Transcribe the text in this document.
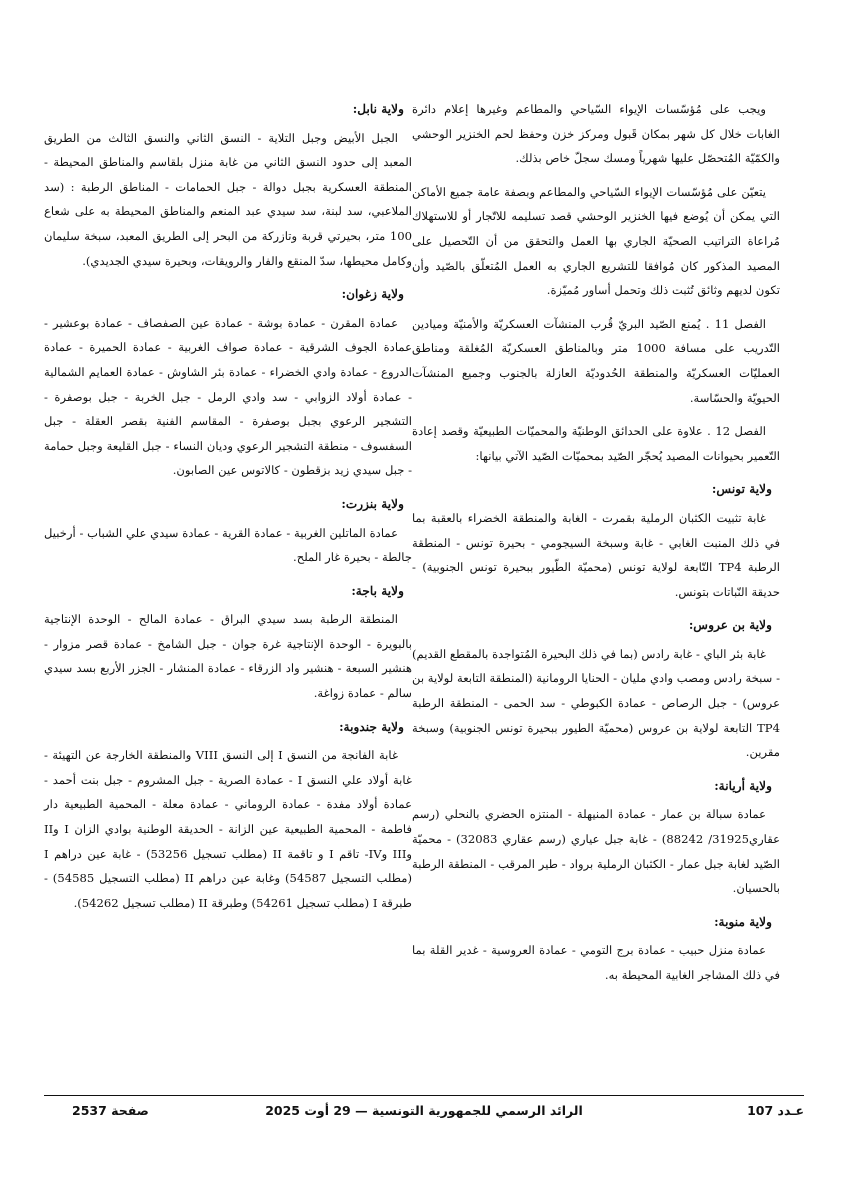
ويجب على مُؤسّسات الإيواء السّياحي والمطاعم وغيرها إعلام دائرة الغابات خلال كل شهر بمكان قَبول ومركز خزن وحفظ لحم الخنزير الوحشي والكمّيّة المُتحصّل عليها شهرياً ومسك سجلّ خاص بذلك.

يتعيّن على مُؤسّسات الإيواء السّياحي والمطاعم وبصفة عامة جميع الأماكن التي يمكن أن يُوضع فيها الخنزير الوحشي قصد تسليمه للاتّجار أو للاستهلاك مُراعاة التراتيب الصحيّة الجاري بها العمل والتحقق من أن التّحصيل على المصيد المذكور كان مُوافقا للتشريع الجاري به العمل المُتعلّق بالصّيد وأن تكون لديهم وثائق تُثبت ذلك وتحمل أساور مُميّزة.

الفصل 11 . يُمنع الصّيد البريّ قُرب المنشآت العسكريّة والأمنيّة وميادين التّدريب على مسافة 1000 متر وبالمناطق العسكريّة المُغلقة ومناطق العمليّات العسكريّة والمنطقة الحُدوديّة العازلة بالجنوب وجميع المنشآت الحيويّة والحسّاسة.

الفصل 12 . علاوة على الحدائق الوطنيّة والمحميّات الطبيعيّة وقصد إعادة التّعمير بحيوانات المصيد يُحجّر الصّيد بمحميّات الصّيد الآتي بيانها:

ولاية تونس:

غابة تثبيت الكثبان الرملية بقمرت - الغابة والمنطقة الخضراء بالعقبة بما في ذلك المنبت الغابي - غابة وسبخة السيجومي - بحيرة تونس - المنطقة الرطبة TP4 التّابعة لولاية تونس (محميّة الطّيور ببحيرة تونس الجنوبية) - حديقة النّباتات بتونس.

ولاية بن عروس:

غابة بئر الباي - غابة رادس (بما في ذلك البحيرة المُتواجدة بالمقطع القديم) - سبخة رادس ومصب وادي مليان - الحنايا الرومانية (المنطقة التابعة لولاية بن عروس) - جبل الرصاص - عمادة الكبوطي - سد الحمى - المنطقة الرطبة TP4 التابعة لولاية بن عروس (محميّة الطيور ببحيرة تونس الجنوبية) وسبخة مقرين.

ولاية أريانة:

عمادة سبالة بن عمار - عمادة المنيهلة - المنتزه الحضري بالنحلي (رسم عقاري31925/ 88242) - غابة جبل عياري (رسم عقاري 32083) - محميّة الصّيد لغابة جبل عمار - الكثبان الرملية برواد - طير المرقب - المنطقة الرطبة بالحسيان.

ولاية منوبة:

عمادة منزل حبيب - عمادة برج التومي - عمادة العروسية - غدير القلة بما في ذلك المشاجر الغابية المحيطة به.

ولاية نابل:

الجبل الأبيض وجبل التلاية - النسق الثاني والنسق الثالث من الطريق المعبد إلى حدود النسق الثاني من غابة منزل بلقاسم والمناطق المحيطة - المنطقة العسكرية بجبل دوالة - جبل الحمامات - المناطق الرطبة : (سد الملاعبي، سد لبنة، سد سيدي عبد المنعم والمناطق المحيطة به على شعاع 100 متر، بحيرتي قربة وتازركة من البحر إلى الطريق المعبد، سبخة سليمان وكامل محيطها، سدّ المنقع والفار والرويقات، وبحيرة سيدي الجديدي).

ولاية زغوان:

عمادة المقرن - عمادة بوشة - عمادة عين الصفصاف - عمادة بوعشير - عمادة الجوف الشرقية - عمادة صواف الغربية - عمادة الحميرة - عمادة الدروع - عمادة وادي الخضراء - عمادة بئر الشاوش - عمادة العمايم الشمالية - عمادة أولاد الزوابي - سد وادي الرمل - جبل الخربة - جبل بوصفرة - التشجير الرعوي بجبل بوصفرة - المقاسم الفنية بقصر العقلة - جبل السفسوف - منطقة التشجير الرعوي وديان النساء - جبل القليعة وجبل حمامة - جبل سيدي زيد بزقطون - كالاتوس عين الصابون.

ولاية بنزرت:

عمادة الماتلين الغربية - عمادة القرية - عمادة سيدي علي الشباب - أرخبيل جالطة - بحيرة غار الملح.

ولاية باجة:

المنطقة الرطبة بسد سيدي البراق - عمادة المالح - الوحدة الإنتاجية بالبويرة - الوحدة الإنتاجية غرة جوان - جبل الشامخ - عمادة قصر مزوار - هنشير السبعة - هنشير واد الزرقاء - عمادة المنشار - الجزر الأربع بسد سيدي سالم - عمادة زواغة.

ولاية جندوبة:

غابة الفانجة من النسق I إلى النسق VIII والمنطقة الخارجة عن التهيئة - غابة أولاد علي النسق I - عمادة الصرية - جبل المشروم - جبل بنت أحمد - عمادة أولاد مفدة - عمادة الروماني - عمادة معلة - المحمية الطبيعية دار فاطمة - المحمية الطبيعية عين الزانة - الحديقة الوطنية بوادي الزان I وII وIII وIV- تاقم I و تاقمة II (مطلب تسجيل 53256) - غابة عين دراهم I (مطلب التسجيل 54587) وغابة عين دراهم II (مطلب التسجيل 54585) - طبرقة I (مطلب تسجيل 54261) وطبرقة II (مطلب تسجيل 54262).

عـدد 107
الرائد الرسمي للجمهورية التونسية — 29 أوت 2025
صفحة 2537
